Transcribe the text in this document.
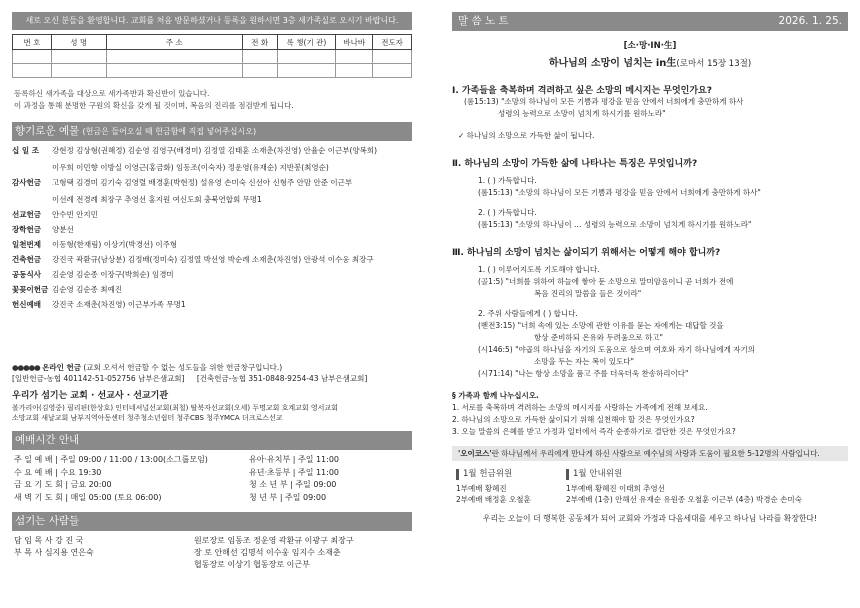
새로 오신 분들을 환영합니다. 교회를 처음 방문하셨거나 등록을 원하시면 3층 새가족실로 오시기 바랍니다.
번 호	성 명	주 소	전 화	록 챙(기 관)	바나바	전도자

등록하신 새가족을 대상으로 새가족반과 확신반이 있습니다.
이 과정을 통해 분명한 구원의 확신을 갖게 될 것이며, 복음의 진리를 점검받게 됩니다.
향기로운 예물 (헌금은 들어오실 때 헌금함에 직접 넣어주십시오)
십 일 조	강현정 김상형(권혜정) 김순영 김영구(배경미) 김정열 김태훈 소재춘(차진영) 안율순 이근부(양복희)
이우희 이민향 이방실 이영근(홍금화) 임동조(이숙자) 정운영(유재순) 지반봉(최영순)
감사헌금	고형택 김경미 김기숙 김영렬 배경훈(박현정) 설유영 손미숙 신선아 신형주 안맘 안준 이근부
이선례 전경례 최장구 추영선 홍지원 여신도회 충북연합회 무명1
선교헌금	안수빈 안지민
장학헌금	양분선
일천번제	이동형(한재림) 이상기(박경선) 이주형
건축헌금	강진국 곽환규(남상분) 김정배(정미숙) 김정열 박선영 박순례 소재춘(차진영) 안광석 이수웅 최장구
공동식사	김순영 김순종 이장구(박희순) 임경미
꽃꽂이헌금 김순영 김순종 최예진
헌신예배	강진국 소재춘(차진영) 이근부가족 무명1
●●●●● 온라인 헌금 (교회 오셔서 헌금할 수 없는 성도들을 위한 헌금창구입니다.)
[일반헌금-농협 401142-51-052756 남부은샘교회] [건축헌금-농협 351-0848-9254-43 남부은샘교회]
우리가 섬기는 교회 · 선교사 · 선교기관
볼가리아(김영중) 필리핀(한상호) 인터네셔널선교회(최철) 탈북자선교회(오세) 두명교회 호계교회 영서교회
소망교회 새날교회 남부지역아동센터 청주청소년쉼터 청주CBS 청주YMCA 더크로스선교
예배시간 안내
주 일 예 배 | 주일 09:00 / 11:00 / 13:00(소그룹모임)
수 요 예 배 | 수요 19:30
금 요 기 도 회 | 금요 20:00
새 벽 기 도 회 | 매일 05:00 (토요 06:00)
유아·유치부 | 주일 11:00
유년·초등부 | 주일 11:00
청 소 년 부 | 주일 09:00
청 년 부 | 주일 09:00
섬기는 사람들
담 임 목 사 강 진 국
부 목 사 심지용 연은숙
원로장로 임동조 정운영 곽환규 이광구 최장구
장 로 안해선 김명석 이수웅 임지수 소재춘
협동장로 이상기 협동장로 이근부
말 씀 노 트	2026. 1. 25.
[소·망·IN·生]
하나님의 소망이 넘치는 in生(로마서 15장 13절)
I. 가족들을 축복하며 격려하고 싶은 소망의 메시지는 무엇인가요?
(롬15:13) "소망의 하나님이 모든 기쁨과 평강을 믿음 안에서 너희에게 충만하게 하사
성령의 능력으로 소망이 넘치게 하시기를 원하노라"
✓ 하나님의 소망으로 가득한 삶이 됩니다.
Ⅱ. 하나님의 소망이 가득한 삶에 나타나는 특징은 무엇입니까?
1. ( ) 가득합니다.
(롬15:13) "소망의 하나님이 모든 기쁨과 평강을 믿음 안에서 너희에게 충만하게 하사"
2. ( ) 가득합니다.
(롬15:13) "소망의 하나님이 … 성령의 능력으로 소망이 넘치게 하시기를 원하노라"
Ⅲ. 하나님의 소망이 넘치는 삶이되기 위해서는 어떻게 해야 합니까?
1. ( ) 이루어지도록 기도해야 합니다.
(골1:5) "너희를 위하여 하늘에 쌓아 둔 소망으로 말미암음이니 곧 너희가 전에
복음 진리의 말씀을 들은 것이라"
2. 주위 사람들에게 ( ) 합니다.
(벧전3:15) "너희 속에 있는 소망에 관한 이유를 묻는 자에게는 대답할 것을
항상 준비하되 온유와 두려움으로 하고"
(시146:5) "야곱의 하나님을 자기의 도움으로 삼으며 여호와 자기 하나님에게 자기의
소망을 두는 자는 복이 있도다"
(시71:14) "나는 항상 소망을 품고 주를 더욱더욱 찬송하리이다"
§ 가족과 함께 나누십시오.
1. 서로를 축복하며 격려하는 소망의 메시지를 사랑하는 가족에게 전해 보세요.
2. 하나님의 소망으로 가득한 삶이되기 위해 실천해야 할 것은 무엇인가요?
3. 오늘 말씀의 은혜를 받고 가정과 일터에서 즉각 순종하기로 결단한 것은 무엇인가요?
'오이코스'란 하나님께서 우리에게 만나게 하신 사람으로 예수님의 사랑과 도움이 필요한 5-12명의 사람입니다.
1월 헌금위원
1부예배 황혜진
2부예배 배정훈 오철훈
1월 안내위원
1부예배 황혜진 이태희 추영선
2부예배 (1층) 안해선 유재순 유원종 오철훈 이근부 (4층) 박경순 손미숙
우리는 오늘이 더 행복한 공동체가 되어 교회와 가정과 다음세대를 세우고 하나님 나라를 확장한다!
